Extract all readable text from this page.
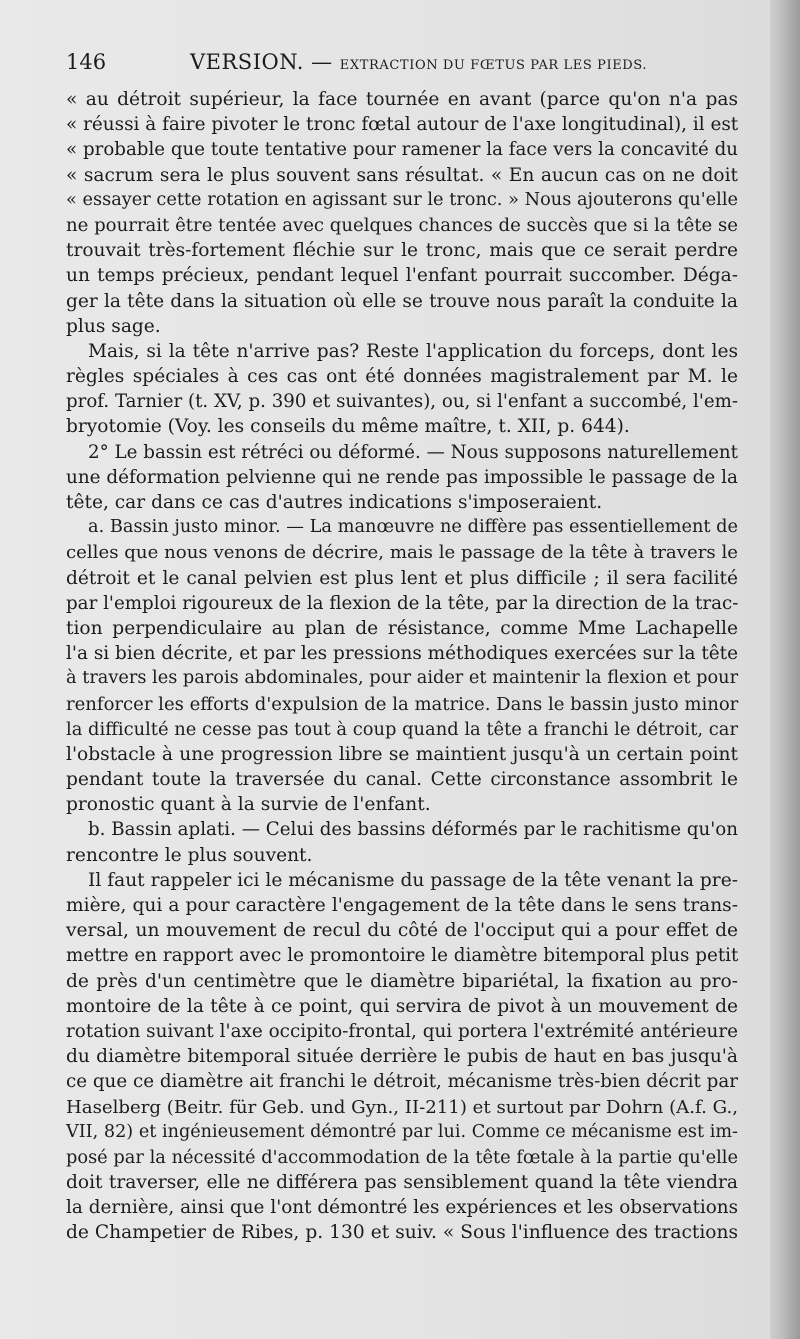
146	VERSION. — EXTRACTION DU FŒTUS PAR LES PIEDS.
« au détroit supérieur, la face tournée en avant (parce qu'on n'a pas
« réussi à faire pivoter le tronc fœtal autour de l'axe longitudinal), il est
« probable que toute tentative pour ramener la face vers la concavité du
« sacrum sera le plus souvent sans résultat. « En aucun cas on ne doit
« essayer cette rotation en agissant sur le tronc. » Nous ajouterons qu'elle
ne pourrait être tentée avec quelques chances de succès que si la tête se
trouvait très-fortement fléchie sur le tronc, mais que ce serait perdre
un temps précieux, pendant lequel l'enfant pourrait succomber. Déga-
ger la tête dans la situation où elle se trouve nous paraît la conduite la
plus sage.
Mais, si la tête n'arrive pas? Reste l'application du forceps, dont les
règles spéciales à ces cas ont été données magistralement par M. le
prof. Tarnier (t. XV, p. 390 et suivantes), ou, si l'enfant a succombé, l'em-
bryotomie (Voy. les conseils du même maître, t. XII, p. 644).
2° Le bassin est rétréci ou déformé. — Nous supposons naturellement
une déformation pelvienne qui ne rende pas impossible le passage de la
tête, car dans ce cas d'autres indications s'imposeraient.
a. Bassin justo minor. — La manœuvre ne diffère pas essentiellement de
celles que nous venons de décrire, mais le passage de la tête à travers le
détroit et le canal pelvien est plus lent et plus difficile ; il sera facilité
par l'emploi rigoureux de la flexion de la tête, par la direction de la trac-
tion perpendiculaire au plan de résistance, comme Mme Lachapelle
l'a si bien décrite, et par les pressions méthodiques exercées sur la tête
à travers les parois abdominales, pour aider et maintenir la flexion et pour
renforcer les efforts d'expulsion de la matrice. Dans le bassin justo minor
la difficulté ne cesse pas tout à coup quand la tête a franchi le détroit, car
l'obstacle à une progression libre se maintient jusqu'à un certain point
pendant toute la traversée du canal. Cette circonstance assombrit le
pronostic quant à la survie de l'enfant.
b. Bassin aplati. — Celui des bassins déformés par le rachitisme qu'on
rencontre le plus souvent.
Il faut rappeler ici le mécanisme du passage de la tête venant la pre-
mière, qui a pour caractère l'engagement de la tête dans le sens trans-
versal, un mouvement de recul du côté de l'occiput qui a pour effet de
mettre en rapport avec le promontoire le diamètre bitemporal plus petit
de près d'un centimètre que le diamètre bipariétal, la fixation au pro-
montoire de la tête à ce point, qui servira de pivot à un mouvement de
rotation suivant l'axe occipito-frontal, qui portera l'extrémité antérieure
du diamètre bitemporal située derrière le pubis de haut en bas jusqu'à
ce que ce diamètre ait franchi le détroit, mécanisme très-bien décrit par
Haselberg (Beitr. für Geb. und Gyn., II-211) et surtout par Dohrn (A.f. G.,
VII, 82) et ingénieusement démontré par lui. Comme ce mécanisme est im-
posé par la nécessité d'accommodation de la tête fœtale à la partie qu'elle
doit traverser, elle ne différera pas sensiblement quand la tête viendra
la dernière, ainsi que l'ont démontré les expériences et les observations
de Champetier de Ribes, p. 130 et suiv. « Sous l'influence des tractions
